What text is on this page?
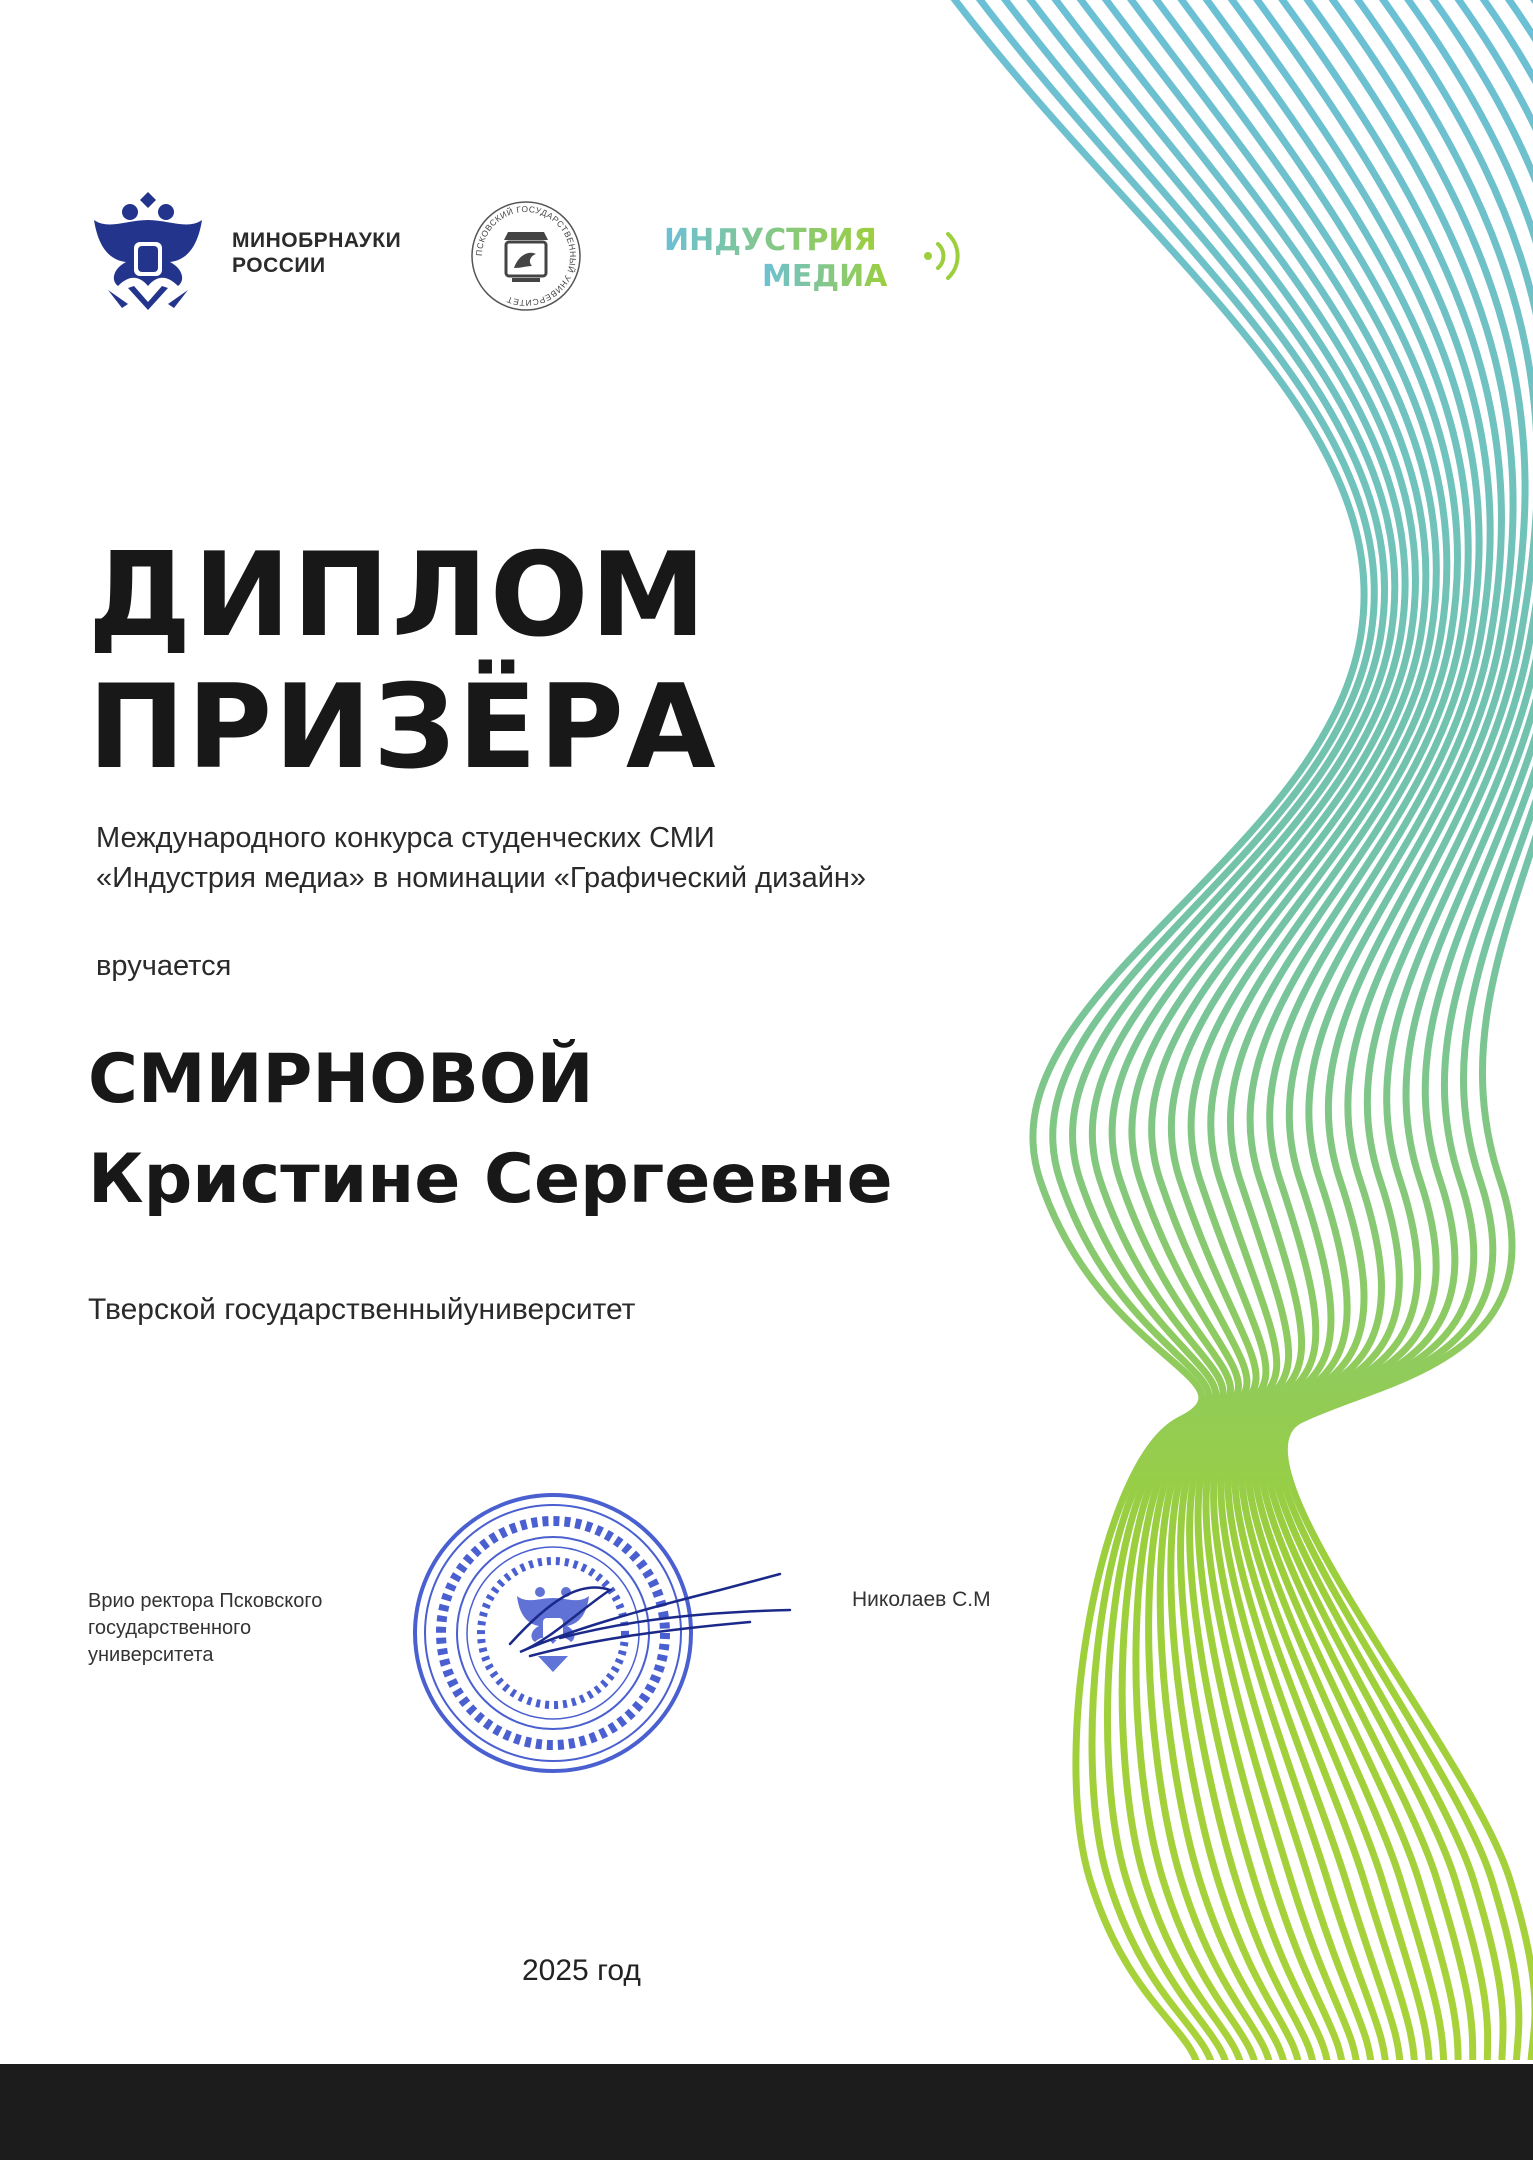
МИНОБРНАУКИ
РОССИИ
ПСКОВСКИЙ ГОСУДАРСТВЕННЫЙ УНИВЕРСИТЕТ
ИНДУСТРИЯ
МЕДИА
ДИПЛОМ
ПРИЗЁРА
Международного конкурса студенческих СМИ
«Индустрия медиа» в номинации «Графический дизайн»
вручается
СМИРНОВОЙ
Кристине Сергеевне
Тверской государственныйуниверситет
Врио ректора Псковского
государственного
университета
Николаев С.М
2025 год
